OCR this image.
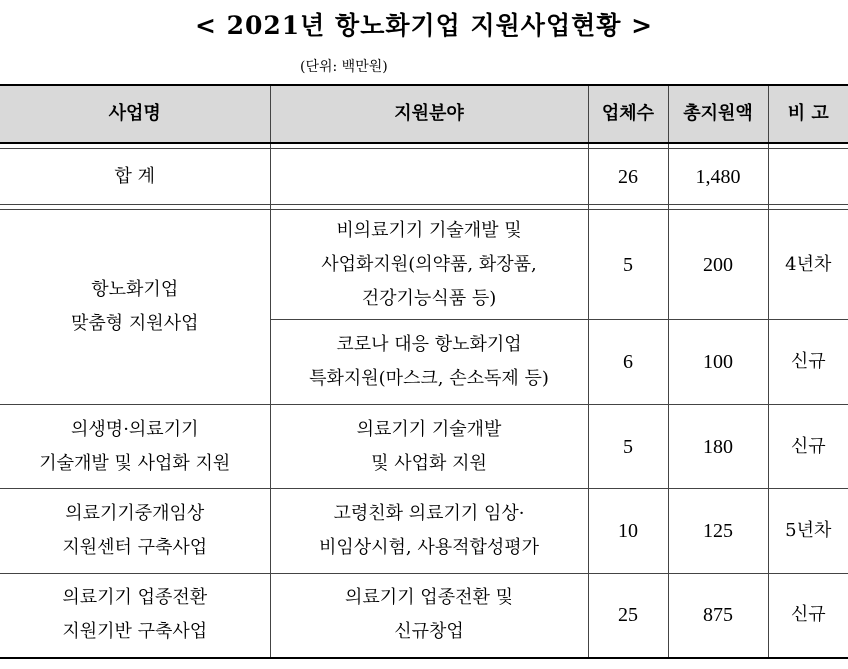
< 2021년 항노화기업 지원사업현황 >
(단위: 백만원)
사업명	지원분야	업체수	총지원액	비 고

합 계		26	1,480	

항노화기업
맞춤형 지원사업	비의료기기 기술개발 및
사업화지원(의약품, 화장품,
건강기능식품 등)	5	200	4년차

	코로나 대응 항노화기업
특화지원(마스크, 손소독제 등)	6	100	신규

의생명·의료기기
기술개발 및 사업화 지원	의료기기 기술개발
및 사업화 지원	5	180	신규

의료기기중개임상
지원센터 구축사업	고령친화 의료기기 임상·
비임상시험, 사용적합성평가	10	125	5년차

의료기기 업종전환
지원기반 구축사업	의료기기 업종전환 및
신규창업	25	875	신규
